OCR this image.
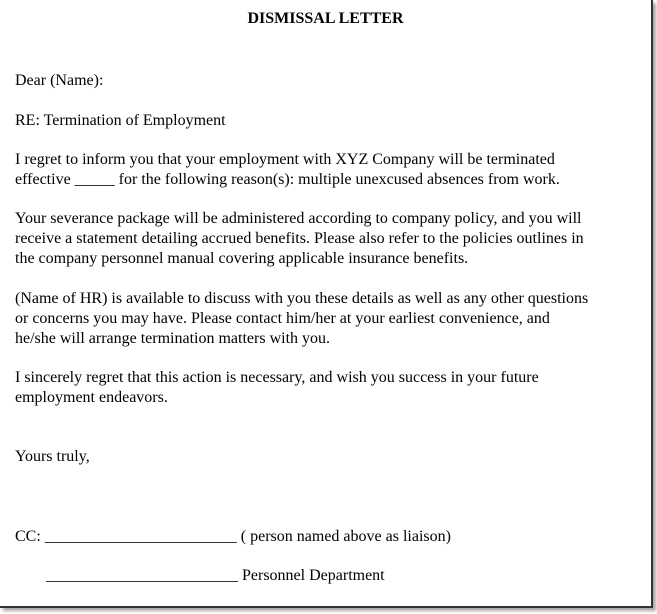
DISMISSAL LETTER

Dear (Name):

RE: Termination of Employment

I regret to inform you that your employment with XYZ Company will be terminated

effective _____ for the following reason(s): multiple unexcused absences from work.

Your severance package will be administered according to company policy, and you will

receive a statement detailing accrued benefits. Please also refer to the policies outlines in

the company personnel manual covering applicable insurance benefits.

(Name of HR) is available to discuss with you these details as well as any other questions

or concerns you may have. Please contact him/her at your earliest convenience, and

he/she will arrange termination matters with you.

I sincerely regret that this action is necessary, and wish you success in your future

employment endeavors.

Yours truly,

CC: ________________________ ( person named above as liaison)

________________________ Personnel Department
